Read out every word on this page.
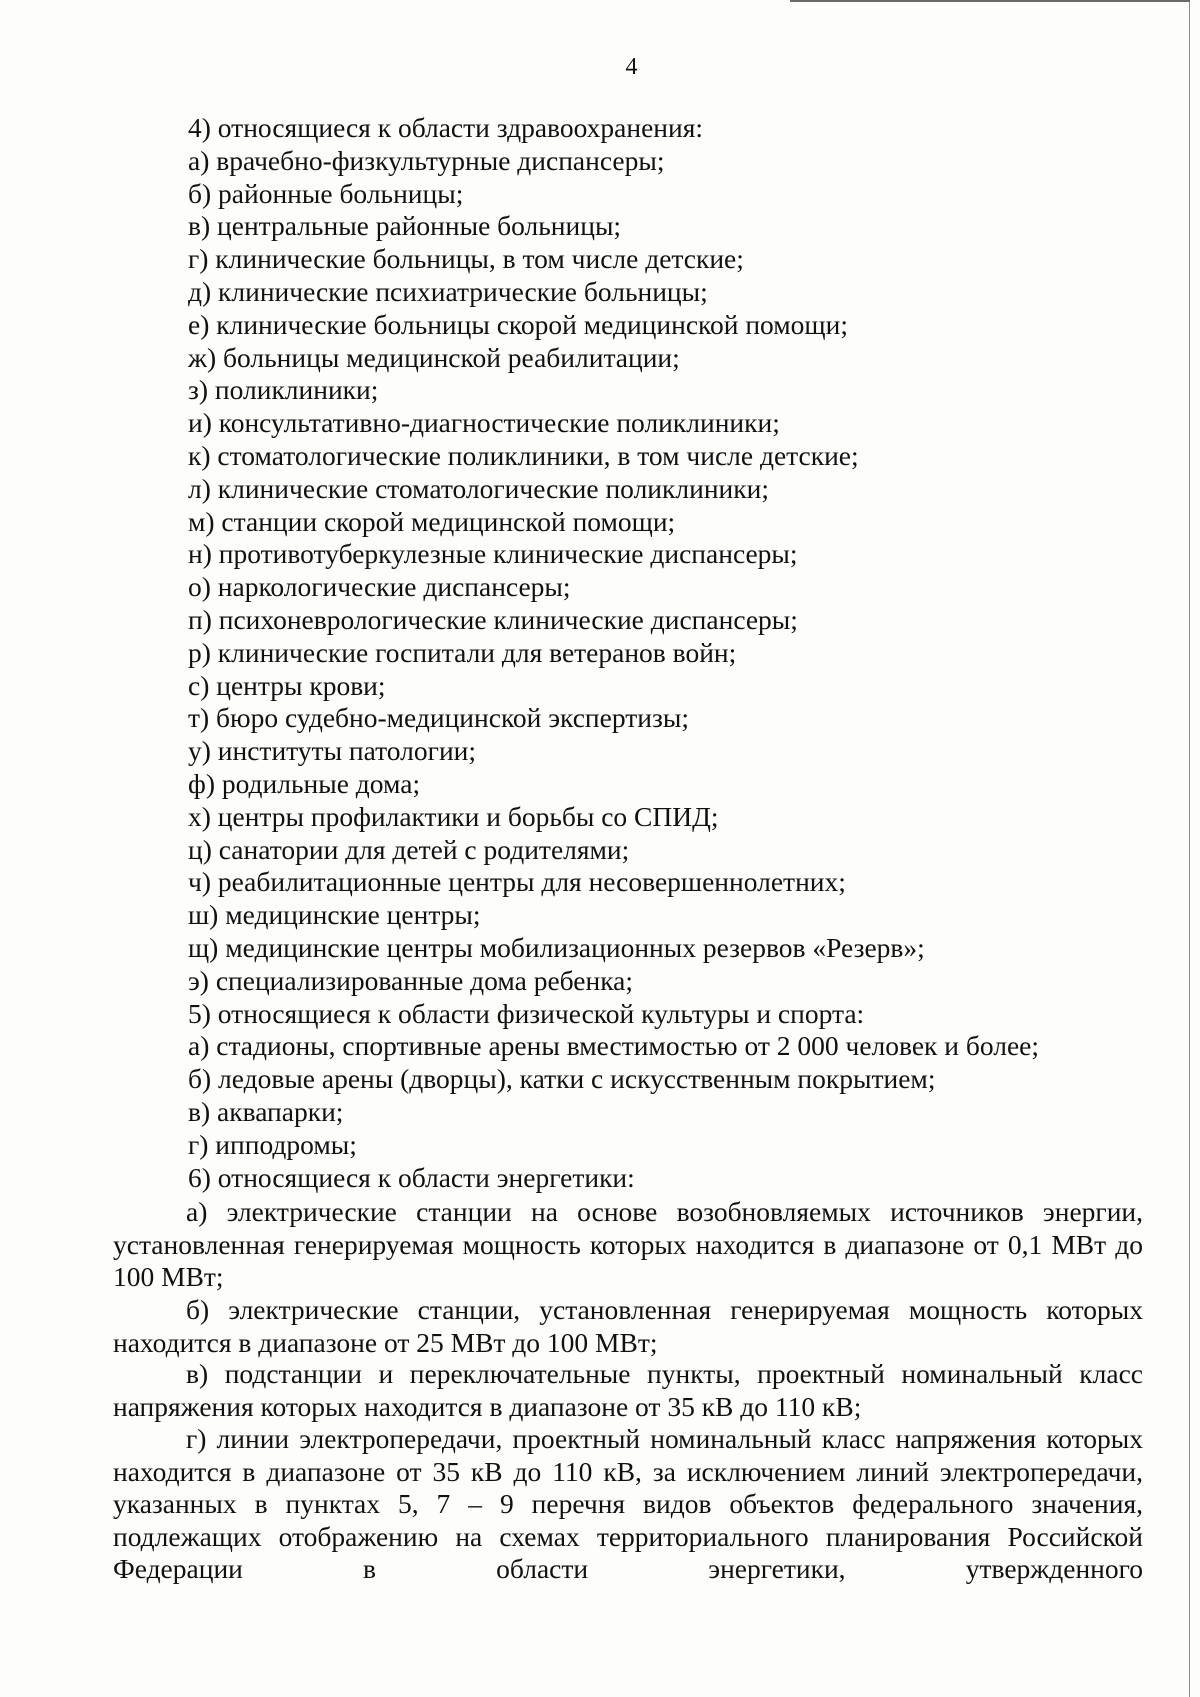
4
4) относящиеся к области здравоохранения:
а) врачебно-физкультурные диспансеры;
б) районные больницы;
в) центральные районные больницы;
г) клинические больницы, в том числе детские;
д) клинические психиатрические больницы;
е) клинические больницы скорой медицинской помощи;
ж) больницы медицинской реабилитации;
з) поликлиники;
и) консультативно-диагностические поликлиники;
к) стоматологические поликлиники, в том числе детские;
л) клинические стоматологические поликлиники;
м) станции скорой медицинской помощи;
н) противотуберкулезные клинические диспансеры;
о) наркологические диспансеры;
п) психоневрологические клинические диспансеры;
р) клинические госпитали для ветеранов войн;
с) центры крови;
т) бюро судебно-медицинской экспертизы;
у) институты патологии;
ф) родильные дома;
х) центры профилактики и борьбы со СПИД;
ц) санатории для детей с родителями;
ч) реабилитационные центры для несовершеннолетних;
ш) медицинские центры;
щ) медицинские центры мобилизационных резервов «Резерв»;
э) специализированные дома ребенка;
5) относящиеся к области физической культуры и спорта:
а) стадионы, спортивные арены вместимостью от 2 000 человек и более;
б) ледовые арены (дворцы), катки с искусственным покрытием;
в) аквапарки;
г) ипподромы;
6) относящиеся к области энергетики:

а) электрические станции на основе возобновляемых источников энергии, установленная генерируемая мощность которых находится в диапазоне от 0,1 МВт до 100 МВт;

б) электрические станции, установленная генерируемая мощность которых находится в диапазоне от 25 МВт до 100 МВт;

в) подстанции и переключательные пункты, проектный номинальный класс напряжения которых находится в диапазоне от 35 кВ до 110 кВ;

г) линии электропередачи, проектный номинальный класс напряжения которых находится в диапазоне от 35 кВ до 110 кВ, за исключением линий электропередачи, указанных в пунктах 5, 7 – 9 перечня видов объектов федерального значения, подлежащих отображению на схемах территориального планирования Российской Федерации в области энергетики, утвержденного
